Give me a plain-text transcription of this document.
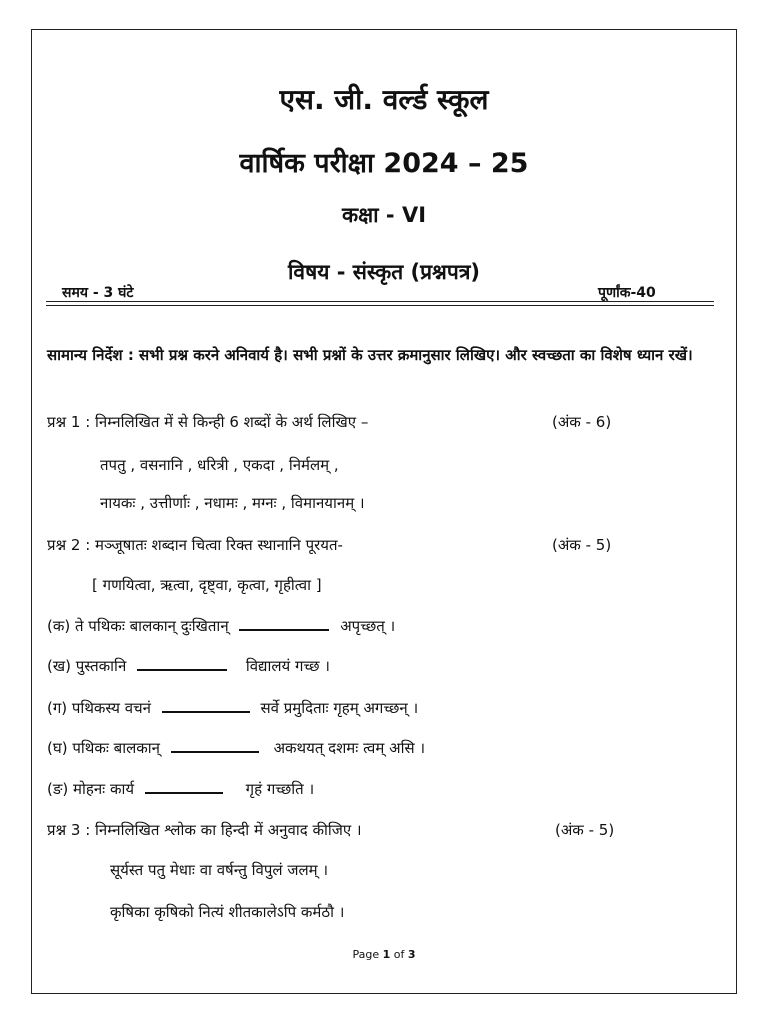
एस. जी. वर्ल्ड स्कूल
वार्षिक परीक्षा 2024 – 25
कक्षा - VI
विषय - संस्कृत (प्रश्नपत्र)
समय - 3 घंटे	पूर्णांक-40
सामान्य निर्देश : सभी प्रश्न करने अनिवार्य है। सभी प्रश्नों के उत्तर क्रमानुसार लिखिए। और स्वच्छता का विशेष ध्यान रखें।
प्रश्न 1 : निम्नलिखित में से किन्ही 6 शब्दों के अर्थ लिखिए –	(अंक - 6)
तपतु , वसनानि , धरित्री , एकदा , निर्मलम् ,
नायकः , उत्तीर्णाः , नधामः , मग्नः , विमानयानम् ।
प्रश्न 2 : मञ्जूषातः शब्दान चित्वा रिक्त स्थानानि पूरयत-	(अंक - 5)
[ गणयित्वा, ऋत्वा, दृष्ट्वा, कृत्वा, गृहीत्वा ]
(क) ते पथिकः बालकान् दुःखितान्	अपृच्छत् ।
(ख) पुस्तकानि	विद्यालयं गच्छ ।
(ग) पथिकस्य वचनं	सर्वे प्रमुदिताः गृहम् अगच्छन् ।
(घ) पथिकः बालकान्	अकथयत् दशमः त्वम् असि ।
(ङ) मोहनः कार्य	गृहं गच्छति ।
प्रश्न 3 : निम्नलिखित श्लोक का हिन्दी में अनुवाद कीजिए ।	(अंक - 5)
सूर्यस्त पतु मेधाः वा वर्षन्तु विपुलं जलम् ।
कृषिका कृषिको नित्यं शीतकालेऽपि कर्मठौ ।
Page 1 of 3
